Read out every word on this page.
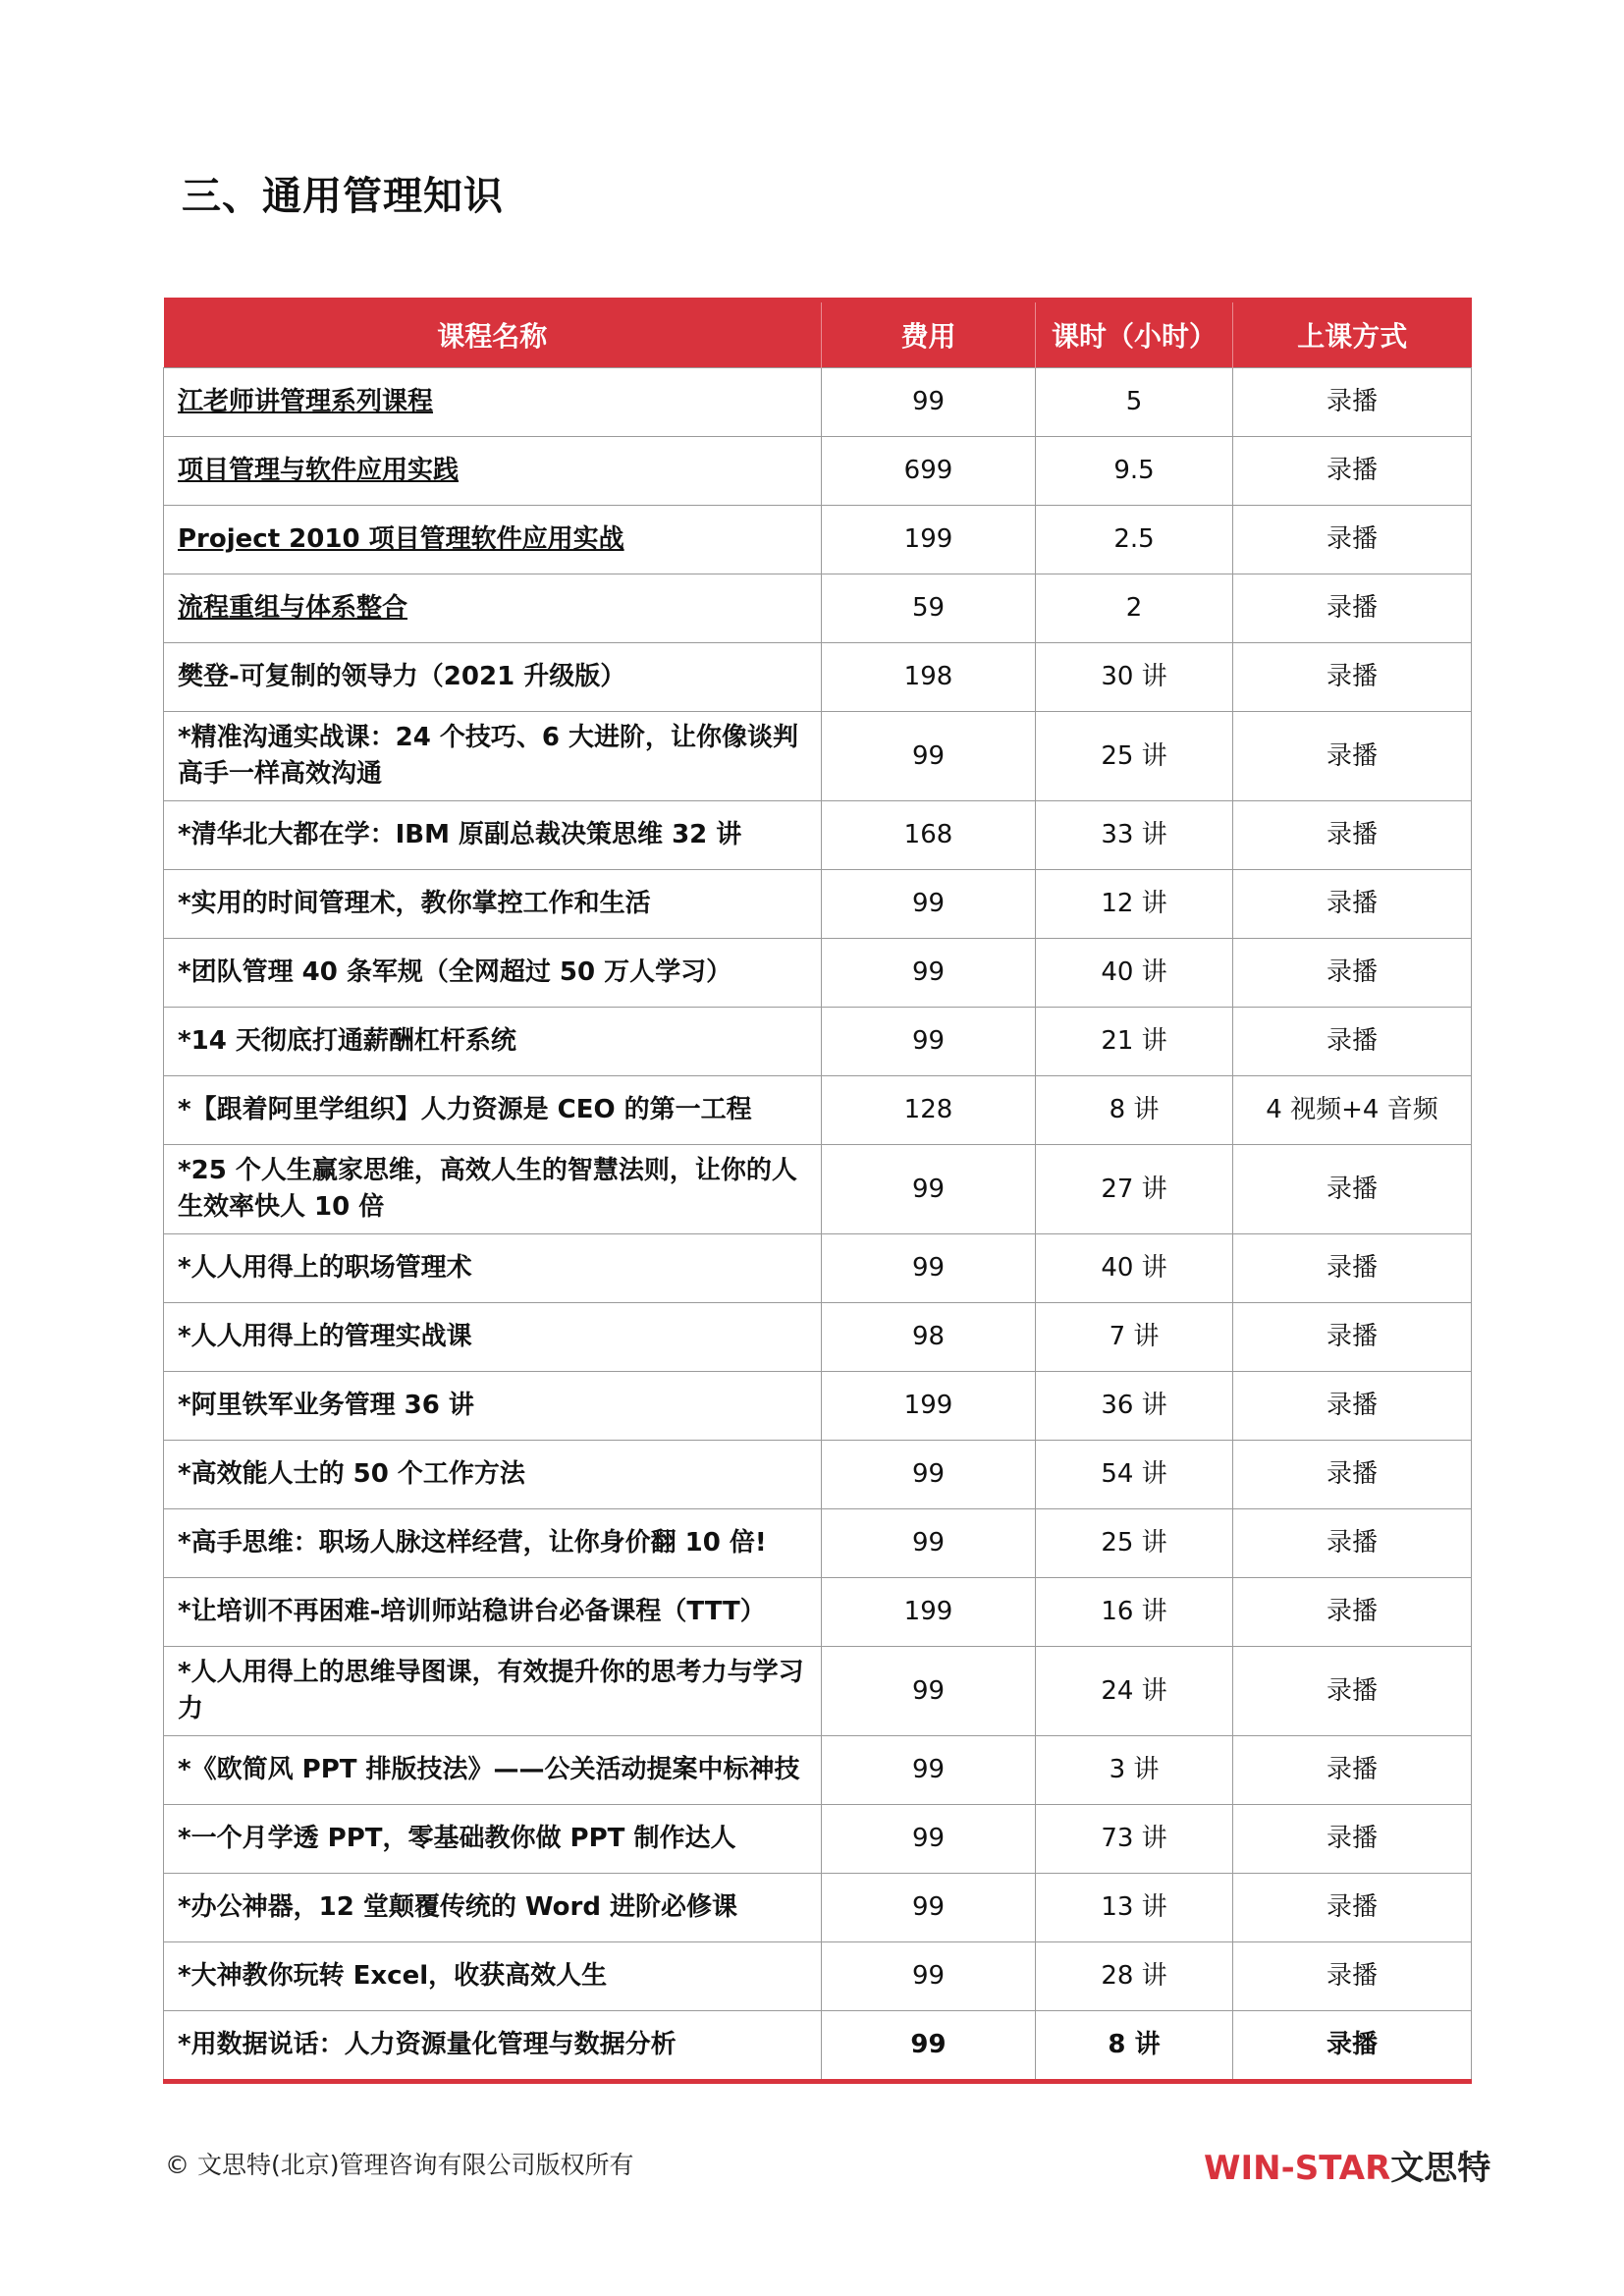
三、通用管理知识
课程名称	费用	课时（小时）	上课方式
江老师讲管理系列课程	99	5	录播
项目管理与软件应用实践	699	9.5	录播
Project 2010 项目管理软件应用实战	199	2.5	录播
流程重组与体系整合	59	2	录播
樊登-可复制的领导力（2021 升级版）	198	30 讲	录播
*精准沟通实战课：24 个技巧、6 大进阶，让你像谈判高手一样高效沟通	99	25 讲	录播
*清华北大都在学：IBM 原副总裁决策思维 32 讲	168	33 讲	录播
*实用的时间管理术，教你掌控工作和生活	99	12 讲	录播
*团队管理 40 条军规（全网超过 50 万人学习）	99	40 讲	录播
*14 天彻底打通薪酬杠杆系统	99	21 讲	录播
*【跟着阿里学组织】人力资源是 CEO 的第一工程	128	8 讲	4 视频+4 音频
*25 个人生赢家思维，高效人生的智慧法则，让你的人生效率快人 10 倍	99	27 讲	录播
*人人用得上的职场管理术	99	40 讲	录播
*人人用得上的管理实战课	98	7 讲	录播
*阿里铁军业务管理 36 讲	199	36 讲	录播
*高效能人士的 50 个工作方法	99	54 讲	录播
*高手思维：职场人脉这样经营，让你身价翻 10 倍!	99	25 讲	录播
*让培训不再困难-培训师站稳讲台必备课程（TTT）	199	16 讲	录播
*人人用得上的思维导图课，有效提升你的思考力与学习力	99	24 讲	录播
*《欧简风 PPT 排版技法》——公关活动提案中标神技	99	3 讲	录播
*一个月学透 PPT，零基础教你做 PPT 制作达人	99	73 讲	录播
*办公神器，12 堂颠覆传统的 Word 进阶必修课	99	13 讲	录播
*大神教你玩转 Excel，收获高效人生	99	28 讲	录播
*用数据说话：人力资源量化管理与数据分析	99	8 讲	录播
© 文思特(北京)管理咨询有限公司版权所有	WIN-STAR文思特
